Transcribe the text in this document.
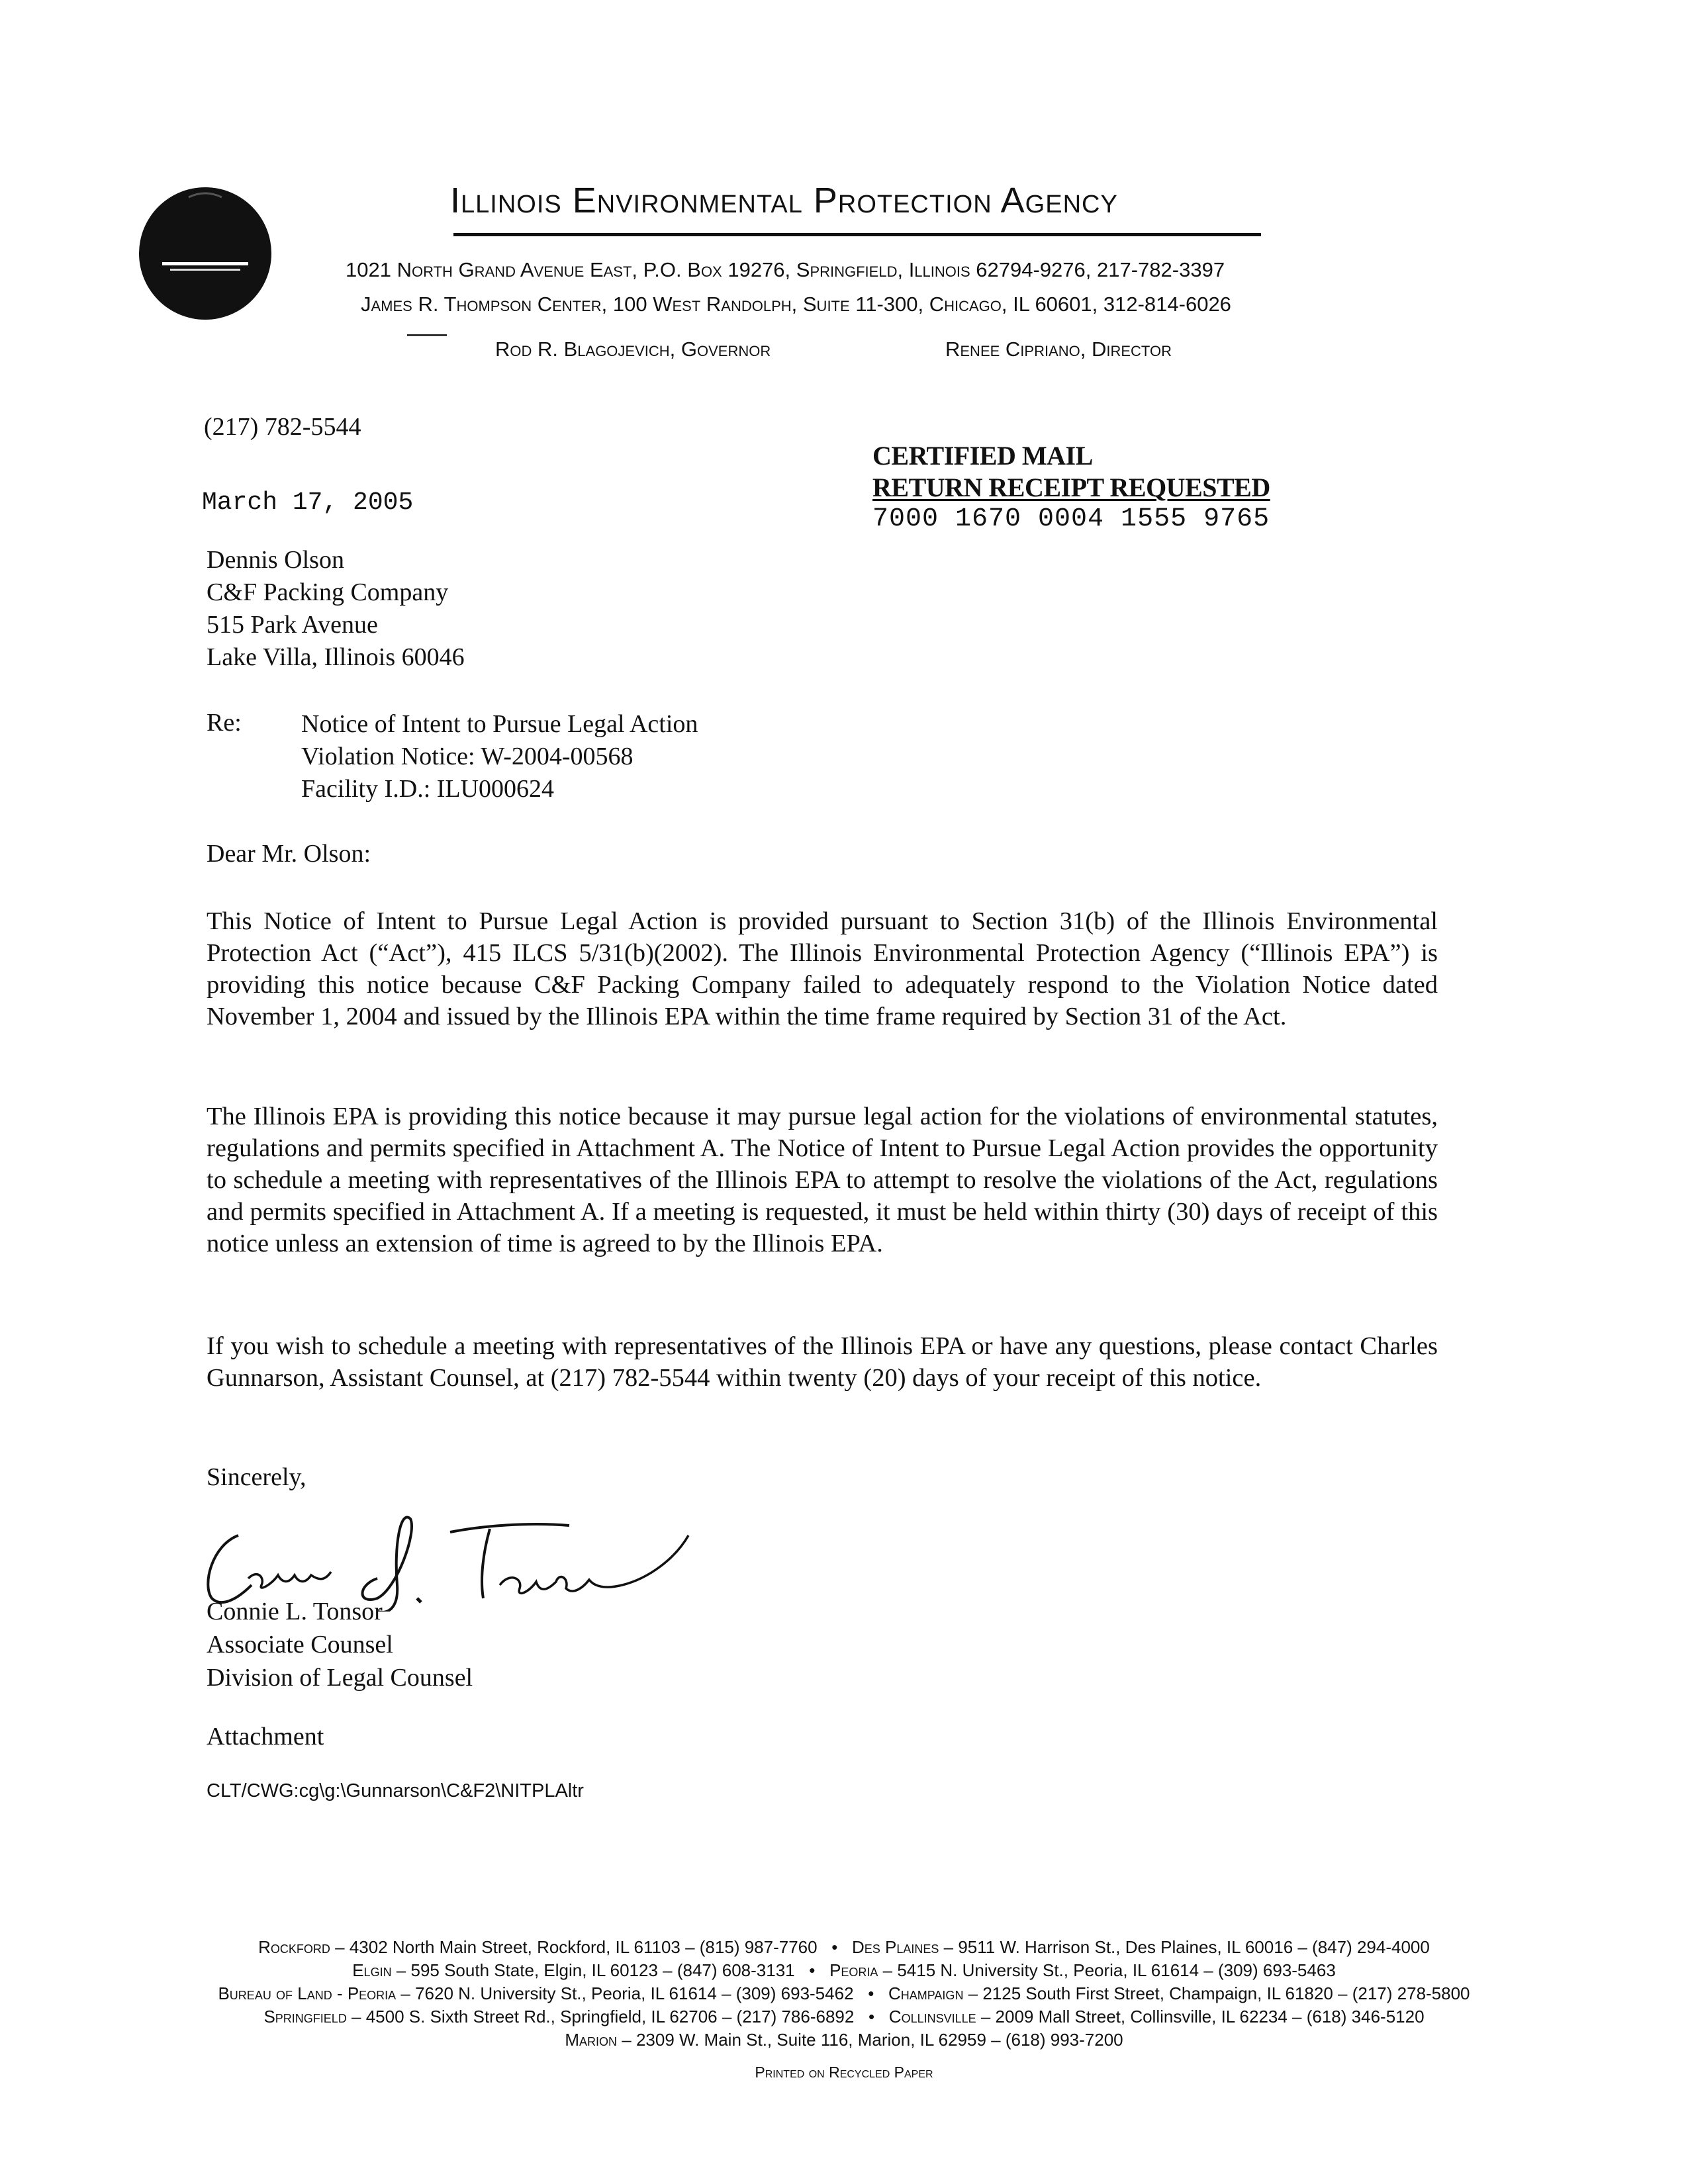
Illinois Environmental Protection Agency
1021 North Grand Avenue East, P.O. Box 19276, Springfield, Illinois 62794-9276, 217-782-3397
James R. Thompson Center, 100 West Randolph, Suite 11-300, Chicago, IL 60601, 312-814-6026
Rod R. Blagojevich, Governor	Renee Cipriano, Director
(217) 782-5544
CERTIFIED MAIL
RETURN RECEIPT REQUESTED
7000 1670 0004 1555 9765
March 17, 2005
Dennis Olson
C&F Packing Company
515 Park Avenue
Lake Villa, Illinois 60046
Re: Notice of Intent to Pursue Legal Action
Violation Notice: W-2004-00568
Facility I.D.: ILU000624
Dear Mr. Olson:
This Notice of Intent to Pursue Legal Action is provided pursuant to Section 31(b) of the Illinois Environmental Protection Act (“Act”), 415 ILCS 5/31(b)(2002). The Illinois Environmental Protection Agency (“Illinois EPA”) is providing this notice because C&F Packing Company failed to adequately respond to the Violation Notice dated November 1, 2004 and issued by the Illinois EPA within the time frame required by Section 31 of the Act.
The Illinois EPA is providing this notice because it may pursue legal action for the violations of environmental statutes, regulations and permits specified in Attachment A. The Notice of Intent to Pursue Legal Action provides the opportunity to schedule a meeting with representatives of the Illinois EPA to attempt to resolve the violations of the Act, regulations and permits specified in Attachment A. If a meeting is requested, it must be held within thirty (30) days of receipt of this notice unless an extension of time is agreed to by the Illinois EPA.
If you wish to schedule a meeting with representatives of the Illinois EPA or have any questions, please contact Charles Gunnarson, Assistant Counsel, at (217) 782-5544 within twenty (20) days of your receipt of this notice.
Sincerely,
Connie L. Tonsor
Associate Counsel
Division of Legal Counsel
Attachment
CLT/CWG:cg\g:\Gunnarson\C&F2\NITPLAltr
Rockford – 4302 North Main Street, Rockford, IL 61103 – (815) 987-7760 • Des Plaines – 9511 W. Harrison St., Des Plaines, IL 60016 – (847) 294-4000
Elgin – 595 South State, Elgin, IL 60123 – (847) 608-3131 • Peoria – 5415 N. University St., Peoria, IL 61614 – (309) 693-5463
Bureau of Land - Peoria – 7620 N. University St., Peoria, IL 61614 – (309) 693-5462 • Champaign – 2125 South First Street, Champaign, IL 61820 – (217) 278-5800
Springfield – 4500 S. Sixth Street Rd., Springfield, IL 62706 – (217) 786-6892 • Collinsville – 2009 Mall Street, Collinsville, IL 62234 – (618) 346-5120
Marion – 2309 W. Main St., Suite 116, Marion, IL 62959 – (618) 993-7200
Printed on Recycled Paper
